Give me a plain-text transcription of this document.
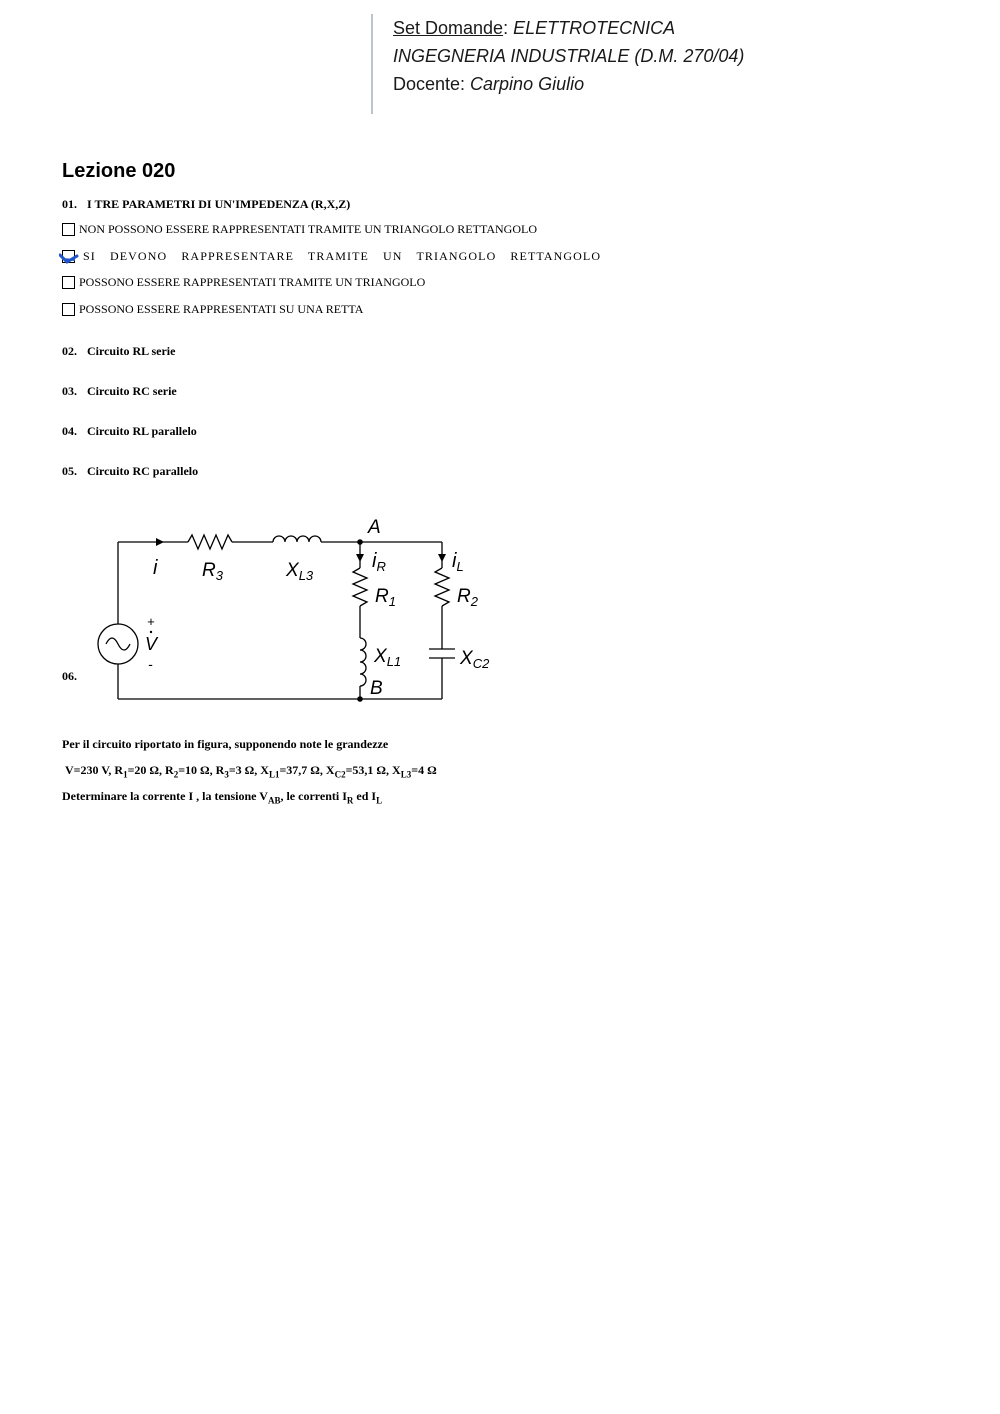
Set Domande: ELETTROTECNICA
INGEGNERIA INDUSTRIALE (D.M. 270/04)
Docente: Carpino Giulio
Lezione 020
01. I TRE PARAMETRI DI UN'IMPEDENZA (R,X,Z)
NON POSSONO ESSERE RAPPRESENTATI TRAMITE UN TRIANGOLO RETTANGOLO
SI DEVONO RAPPRESENTARE TRAMITE UN TRIANGOLO RETTANGOLO
POSSONO ESSERE RAPPRESENTATI TRAMITE UN TRIANGOLO
POSSONO ESSERE RAPPRESENTATI SU UNA RETTA
02. Circuito RL serie
03. Circuito RC serie
04. Circuito RL parallelo
05. Circuito RC parallelo
06.
i $R_3$	$X_{L3}$
A
$i_R$	$i_L$
$R_1$	$R_2$
$X_{L1}$	$X_{C2}$
B
+
V
-
Per il circuito riportato in figura, supponendo note le grandezze
V=230 V, $R_1=20$ Ω, $R_2=10$ Ω, $R_3=3$ Ω, $X_{L1}=37,7$ Ω, $X_{C2}=53,1$ Ω, $X_{L3}=4$ Ω
Determinare la corrente I , la tensione $V_{AB}$, le correnti $I_R$ ed $I_L$
